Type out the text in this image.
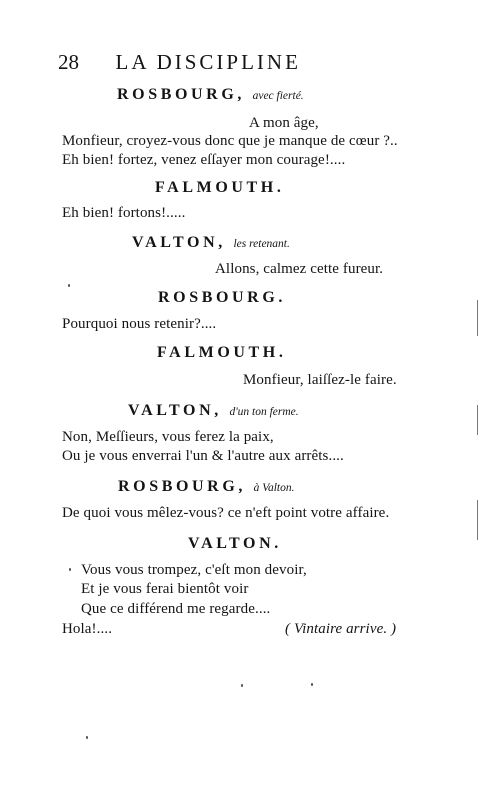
28 LA DISCIPLINE
ROSBOURG, avec fierté.
A mon âge,
Monfieur, croyez-vous donc que je manque de cœur ?..
Eh bien! fortez, venez eſſayer mon courage!....
FALMOUTH.
Eh bien! fortons!.....
VALTON, les retenant.
Allons, calmez cette fureur.
ROSBOURG.
Pourquoi nous retenir?....
FALMOUTH.
Monfieur, laiſſez-le faire.
VALTON, d'un ton ferme.
Non, Meſſieurs, vous ferez la paix,
Ou je vous enverrai l'un & l'autre aux arrêts....
ROSBOURG, à Valton.
De quoi vous mêlez-vous? ce n'eft point votre affaire.
VALTON.
Vous vous trompez, c'eſt mon devoir,
Et je vous ferai bientôt voir
Que ce différend me regarde....
Hola!....	( Vintaire arrive. )
